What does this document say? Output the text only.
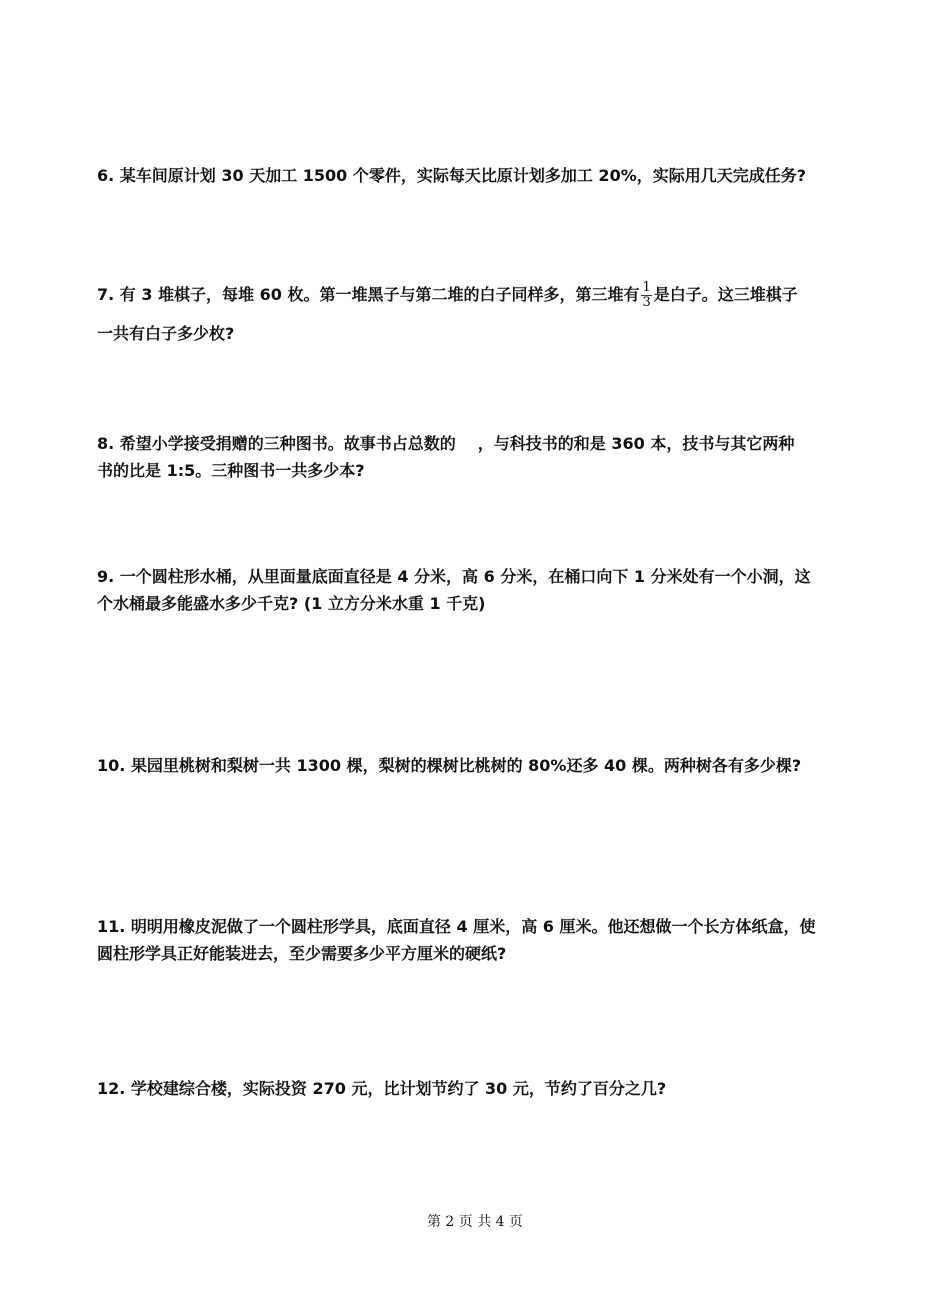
6. 某车间原计划 30 天加工 1500 个零件，实际每天比原计划多加工 20%，实际用几天完成任务?
7. 有 3 堆棋子，每堆 60 枚。第一堆黑子与第二堆的白子同样多，第三堆有 $\frac{1}{3}$ 是白子。这三堆棋子
一共有白子多少枚?
8. 希望小学接受捐赠的三种图书。故事书占总数的 ，与科技书的和是 360 本，技书与其它两种
书的比是 1:5。三种图书一共多少本?
9. 一个圆柱形水桶，从里面量底面直径是 4 分米，高 6 分米，在桶口向下 1 分米处有一个小洞，这
个水桶最多能盛水多少千克? (1 立方分米水重 1 千克)
10. 果园里桃树和梨树一共 1300 棵，梨树的棵树比桃树的 80%还多 40 棵。两种树各有多少棵?
11. 明明用橡皮泥做了一个圆柱形学具，底面直径 4 厘米，高 6 厘米。他还想做一个长方体纸盒，使
圆柱形学具正好能装进去，至少需要多少平方厘米的硬纸?
12. 学校建综合楼，实际投资 270 元，比计划节约了 30 元，节约了百分之几?
第 2 页 共 4 页
